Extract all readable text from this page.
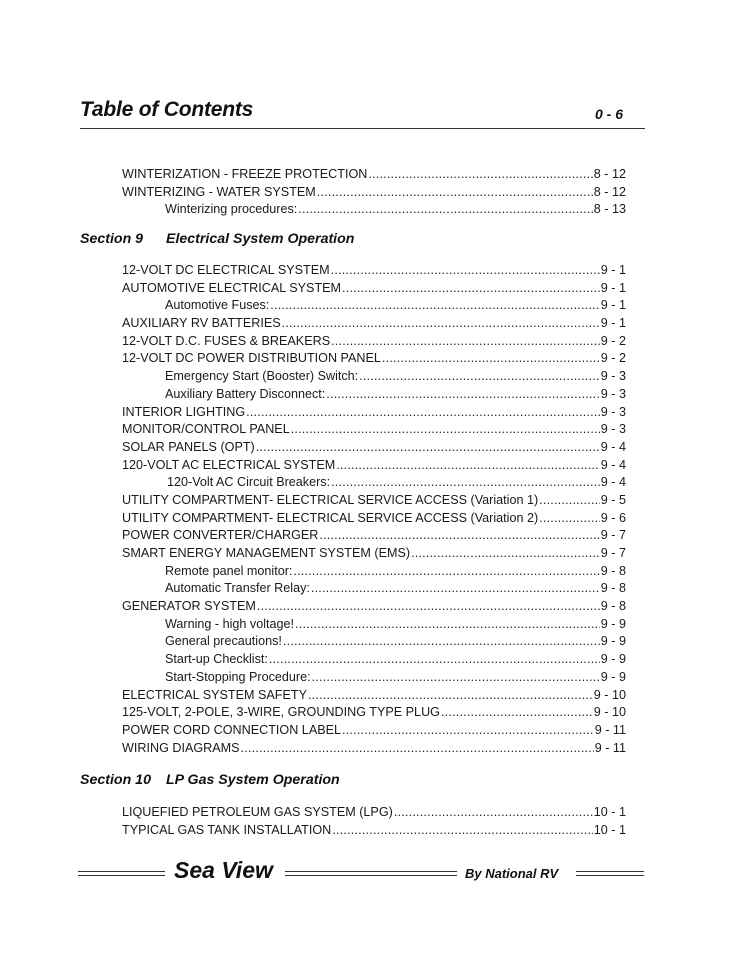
Table of Contents	0 - 6
WINTERIZATION - FREEZE PROTECTION .....	8 - 12
WINTERIZING - WATER SYSTEM .....	8 - 12
Winterizing procedures: .....	8 - 13
Section 9 Electrical System Operation
12-VOLT DC ELECTRICAL SYSTEM .....	9 - 1
AUTOMOTIVE ELECTRICAL SYSTEM .....	9 - 1
Automotive Fuses: .....	9 - 1
AUXILIARY RV BATTERIES .....	9 - 1
12-VOLT D.C. FUSES & BREAKERS .....	9 - 2
12-VOLT DC POWER DISTRIBUTION PANEL .....	9 - 2
Emergency Start (Booster) Switch: .....	9 - 3
Auxiliary Battery Disconnect: .....	9 - 3
INTERIOR LIGHTING .....	9 - 3
MONITOR/CONTROL PANEL .....	9 - 3
SOLAR PANELS (OPT) .....	9 - 4
120-VOLT AC ELECTRICAL SYSTEM .....	9 - 4
120-Volt AC Circuit Breakers: .....	9 - 4
UTILITY COMPARTMENT- ELECTRICAL SERVICE ACCESS (Variation 1) .....	9 - 5
UTILITY COMPARTMENT- ELECTRICAL SERVICE ACCESS (Variation 2) .....	9 - 6
POWER CONVERTER/CHARGER .....	9 - 7
SMART ENERGY MANAGEMENT SYSTEM (EMS) .....	9 - 7
Remote panel monitor: .....	9 - 8
Automatic Transfer Relay: .....	9 - 8
GENERATOR SYSTEM .....	9 - 8
Warning - high voltage! .....	9 - 9
General precautions! .....	9 - 9
Start-up Checklist: .....	9 - 9
Start-Stopping Procedure: .....	9 - 9
ELECTRICAL SYSTEM SAFETY .....	9 - 10
125-VOLT, 2-POLE, 3-WIRE, GROUNDING TYPE PLUG .....	9 - 10
POWER CORD CONNECTION LABEL .....	9 - 11
WIRING DIAGRAMS .....	9 - 11
Section 10 LP Gas System Operation
LIQUEFIED PETROLEUM GAS SYSTEM (LPG) .....	10 - 1
TYPICAL GAS TANK INSTALLATION .....	10 - 1
Sea View	By National RV
